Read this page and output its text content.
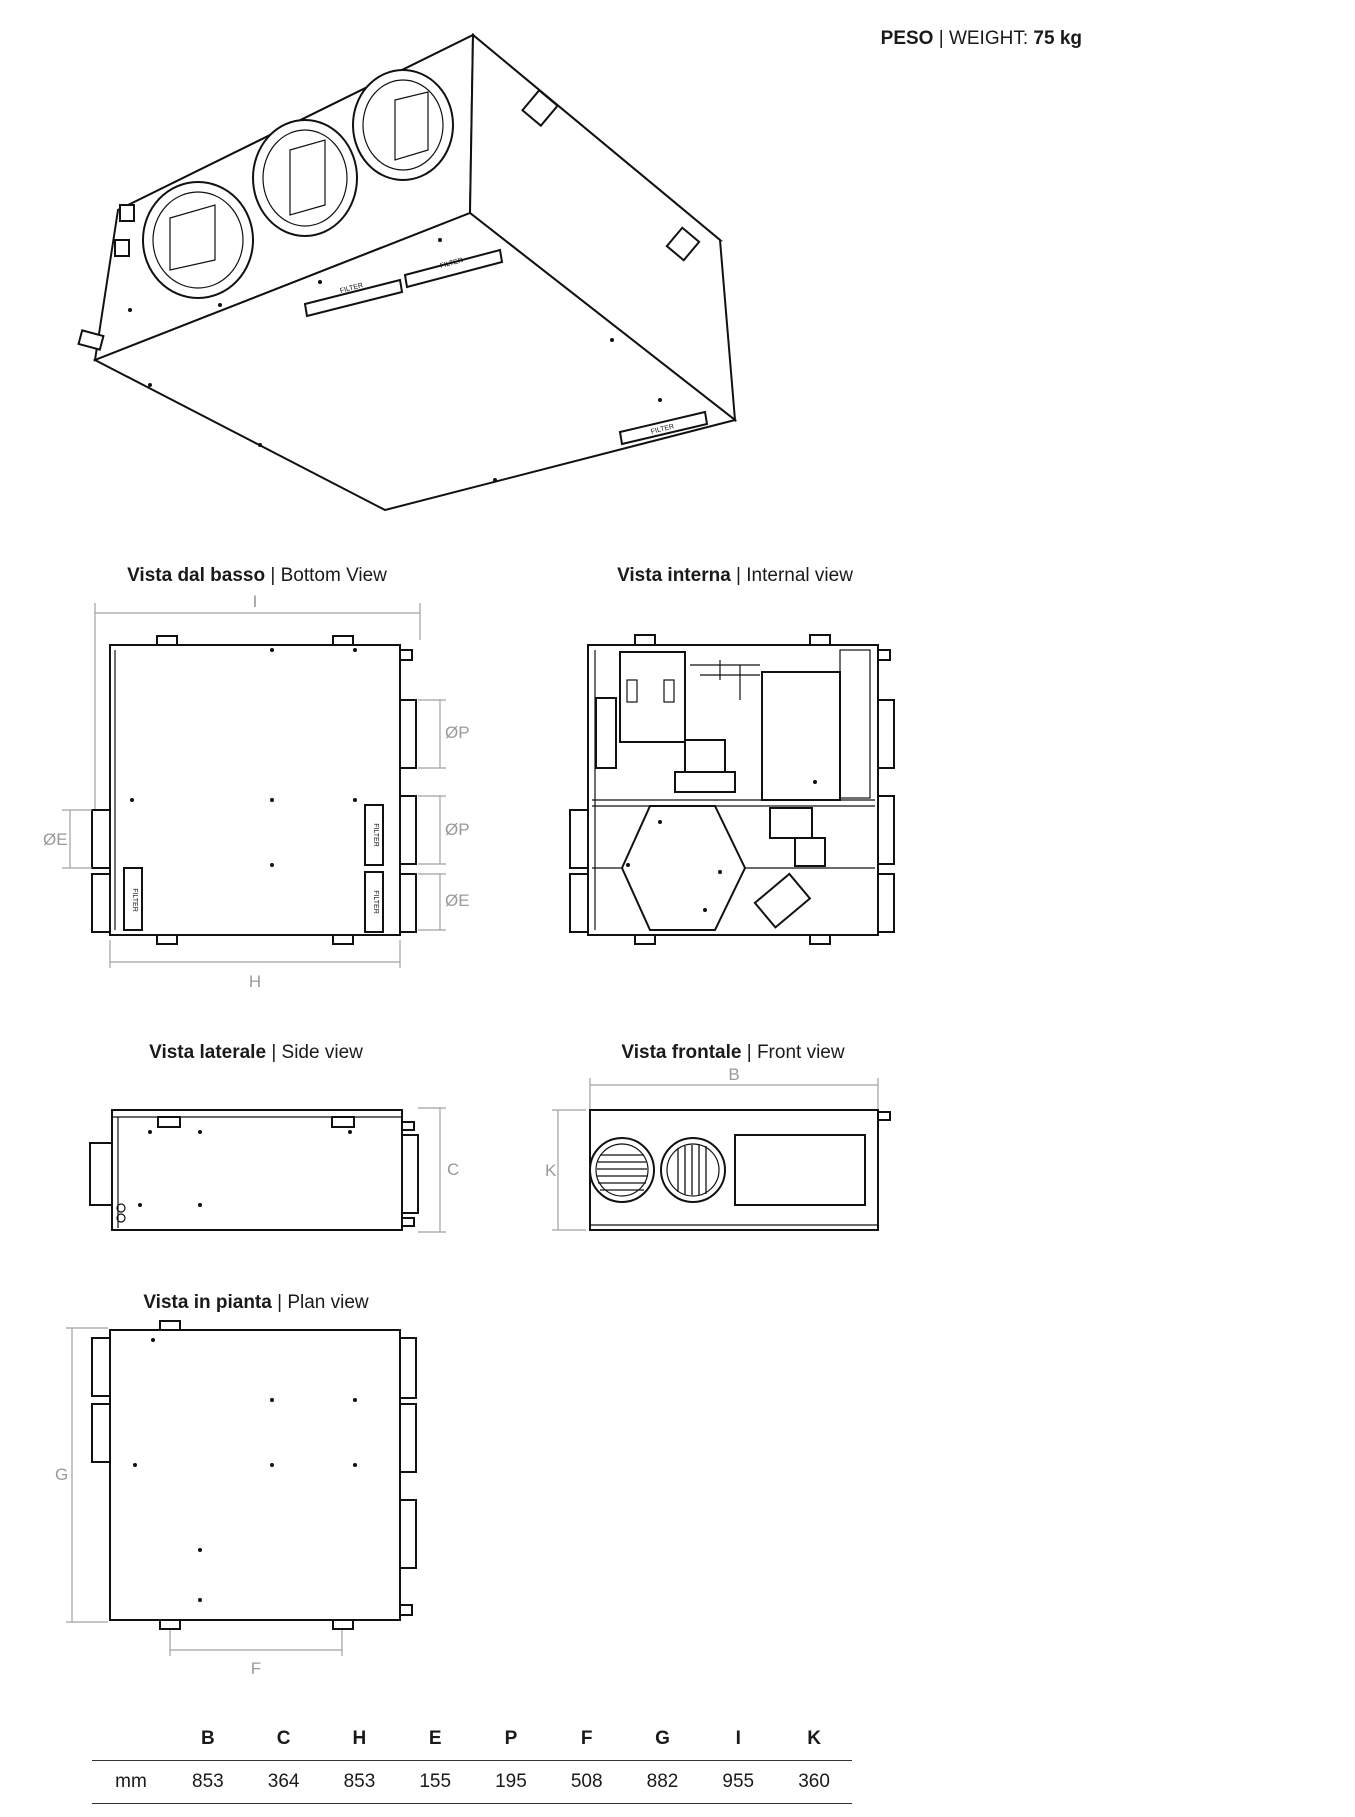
PESO | WEIGHT: 75 kg
Vista dal basso | Bottom View	Vista interna | Internal view
Vista laterale | Side view	Vista frontale | Front view
Vista in pianta | Plan view
I
ØP
ØP
ØE
ØE
H
C
B
K
G
F
	B	C	H	E	P	F	G	I	K
mm	853	364	853	155	195	508	882	955	360
FILTER
FILTER
FILTER
FILTER
FILTER
FILTER
